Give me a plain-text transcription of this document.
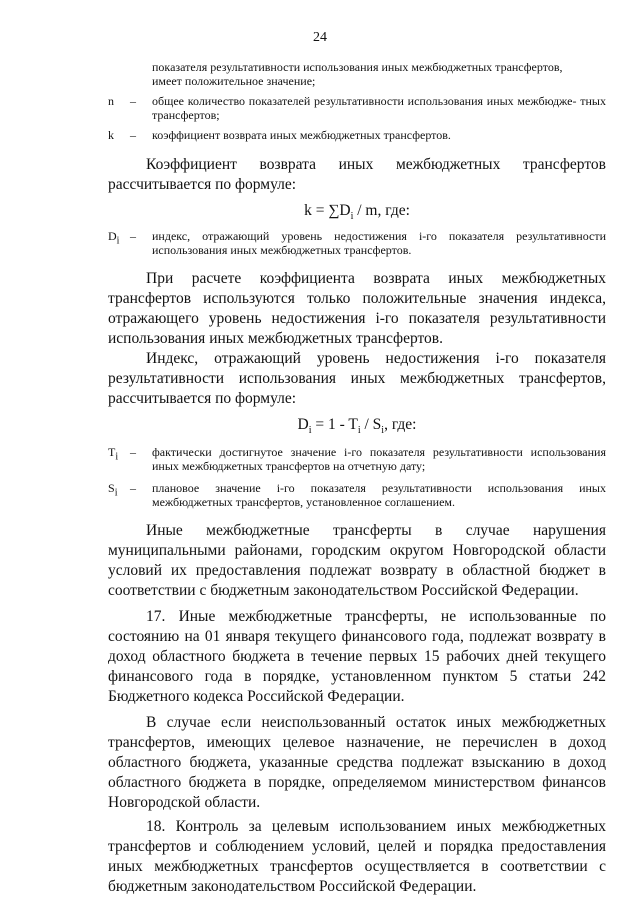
24
показателя результативности использования иных межбюджетных трансфертов,
имеет положительное значение;
n	–	общее количество показателей результативности использования иных межбюдже- тных трансфертов;
k	–	коэффициент возврата иных межбюджетных трансфертов.
Коэффициент возврата иных межбюджетных трансфертов
рассчитывается по формуле:
$k = \sum D_i / m$, где:
$D_i$ –	индекс, отражающий уровень недостижения i-го показателя результативности использования иных межбюджетных трансфертов.
При расчете коэффициента возврата иных межбюджетных трансфертов используются только положительные значения индекса, отражающего уровень недостижения i-го показателя результативности использования иных межбюджетных трансфертов.
Индекс, отражающий уровень недостижения i-го показателя
результативности использования иных межбюджетных трансфертов,
рассчитывается по формуле:
$D_i = 1 - T_i / S_i$, где:
$T_i$ –	фактически достигнутое значение i-го показателя результативности использования иных межбюджетных трансфертов на отчетную дату;
$S_i$	–	плановое значение i-го показателя результативности использования иных межбюджетных трансфертов, установленное соглашением.
Иные межбюджетные трансферты в случае нарушения муниципальными районами, городским округом Новгородской области условий их предоставления подлежат возврату в областной бюджет в соответствии с бюджетным законодательством Российской Федерации.
17. Иные межбюджетные трансферты, не использованные по состоянию на 01 января текущего финансового года, подлежат возврату в доход областного бюджета в течение первых 15 рабочих дней текущего финансового года в порядке, установленном пунктом 5 статьи 242 Бюджетного кодекса Российской Федерации.
В случае если неиспользованный остаток иных межбюджетных трансфертов, имеющих целевое назначение, не перечислен в доход областного бюджета, указанные средства подлежат взысканию в доход областного бюджета в порядке, определяемом министерством финансов Новгородской области.
18. Контроль за целевым использованием иных межбюджетных трансфертов и соблюдением условий, целей и порядка предоставления иных межбюджетных трансфертов осуществляется в соответствии с бюджетным законодательством Российской Федерации.
